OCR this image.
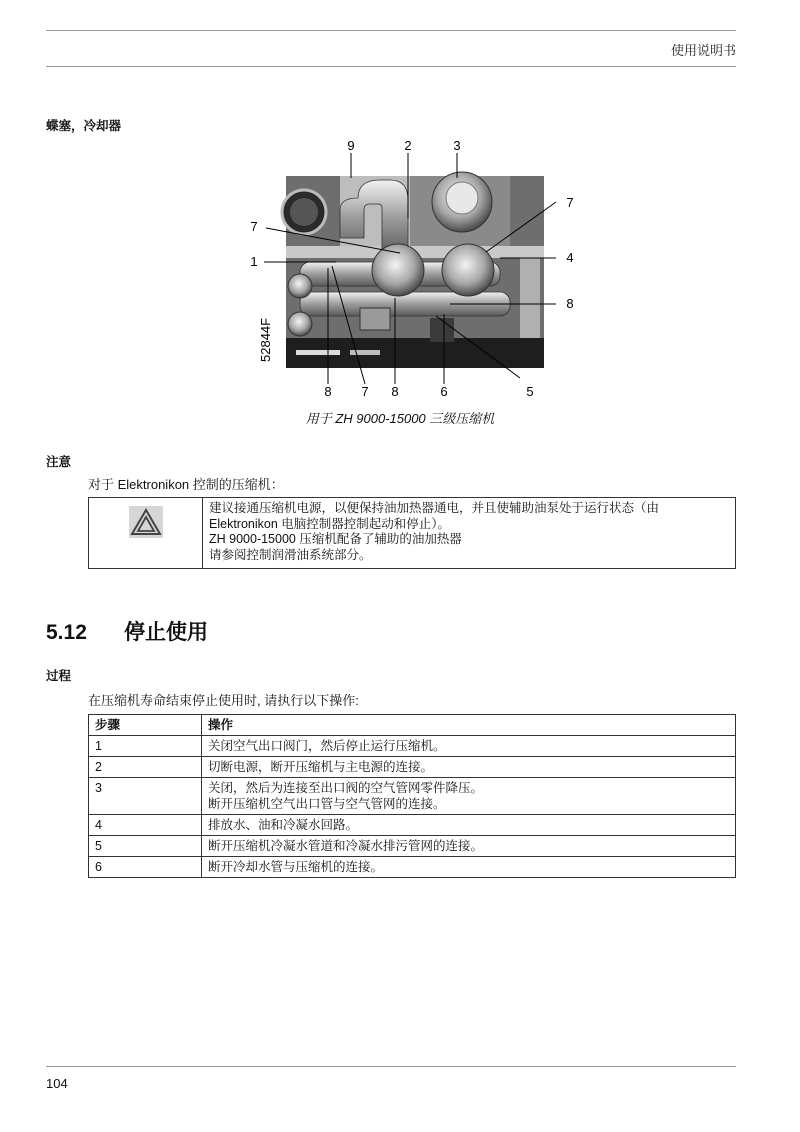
使用说明书
蝶塞，冷却器
9	2	3
7
1
7
4
8
8 7 8	6	5
52844F
用于 ZH 9000-15000 三级压缩机
注意
对于 Elektronikon 控制的压缩机：
建议接通压缩机电源，以便保持油加热器通电，并且使辅助油泵处于运行状态（由
Elektronikon 电脑控制器控制起动和停止）。
ZH 9000-15000 压缩机配备了辅助的油加热器
请参阅控制润滑油系统部分。
5.12 停止使用
过程
在压缩机寿命结束停止使用时, 请执行以下操作:
步骤	操作
1	关闭空气出口阀门，然后停止运行压缩机。

2	切断电源，断开压缩机与主电源的连接。

3	关闭，然后为连接至出口阀的空气管网零件降压。
断开压缩机空气出口管与空气管网的连接。

4	排放水、油和冷凝水回路。

5	断开压缩机冷凝水管道和冷凝水排污管网的连接。

6	断开冷却水管与压缩机的连接。
104
